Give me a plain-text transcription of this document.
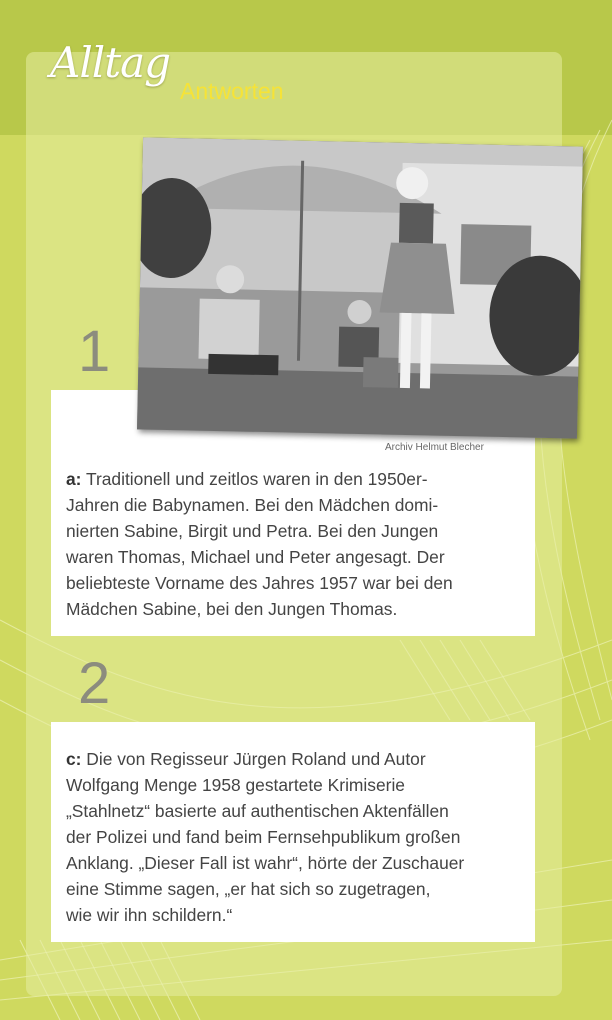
Alltag
Antworten
1
Archiv Helmut Blecher
a: Traditionell und zeitlos waren in den 1950er-
Jahren die Babynamen. Bei den Mädchen domi-
nierten Sabine, Birgit und Petra. Bei den Jungen
waren Thomas, Michael und Peter angesagt. Der
beliebteste Vorname des Jahres 1957 war bei den
Mädchen Sabine, bei den Jungen Thomas.
2
c: Die von Regisseur Jürgen Roland und Autor
Wolfgang Menge 1958 gestartete Krimiserie
„Stahlnetz“ basierte auf authentischen Aktenfällen
der Polizei und fand beim Fernsehpublikum großen
Anklang. „Dieser Fall ist wahr“, hörte der Zuschauer
eine Stimme sagen, „er hat sich so zugetragen,
wie wir ihn schildern.“
